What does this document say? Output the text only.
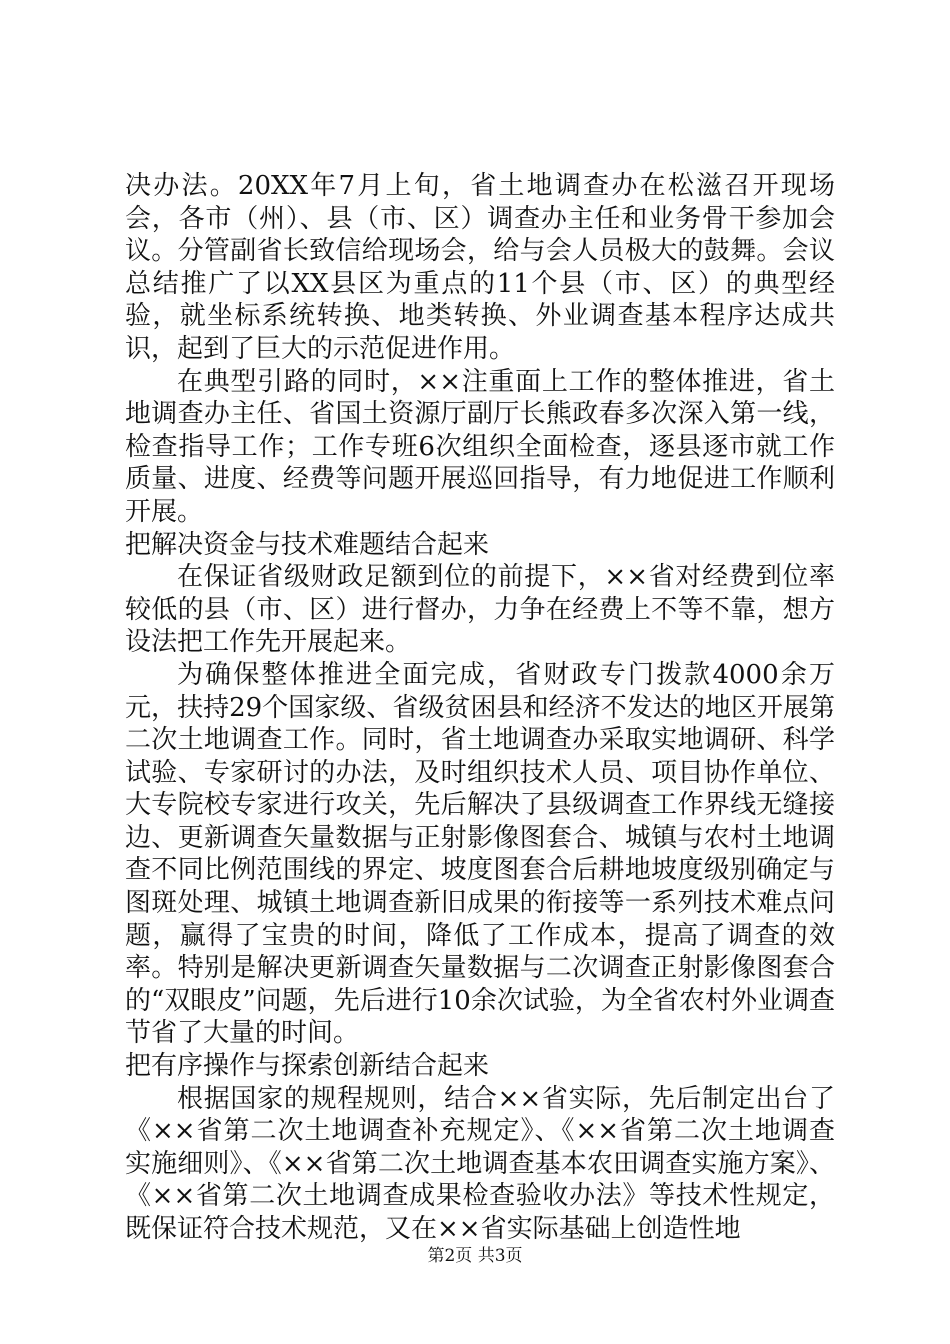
决办法。20XX年7月上旬，省土地调查办在松滋召开现场会，各市（州）、县（市、区）调查办主任和业务骨干参加会议。分管副省长致信给现场会，给与会人员极大的鼓舞。会议总结推广了以XX县区为重点的11个县（市、区）的典型经验，就坐标系统转换、地类转换、外业调查基本程序达成共识，起到了巨大的示范促进作用。

在典型引路的同时，××注重面上工作的整体推进，省土地调查办主任、省国土资源厅副厅长熊政春多次深入第一线，检查指导工作；工作专班6次组织全面检查，逐县逐市就工作质量、进度、经费等问题开展巡回指导，有力地促进工作顺利开展。

把解决资金与技术难题结合起来

在保证省级财政足额到位的前提下，××省对经费到位率较低的县（市、区）进行督办，力争在经费上不等不靠，想方设法把工作先开展起来。

为确保整体推进全面完成，省财政专门拨款4000余万元，扶持29个国家级、省级贫困县和经济不发达的地区开展第二次土地调查工作。同时，省土地调查办采取实地调研、科学试验、专家研讨的办法，及时组织技术人员、项目协作单位、大专院校专家进行攻关，先后解决了县级调查工作界线无缝接边、更新调查矢量数据与正射影像图套合、城镇与农村土地调查不同比例范围线的界定、坡度图套合后耕地坡度级别确定与图斑处理、城镇土地调查新旧成果的衔接等一系列技术难点问题，赢得了宝贵的时间，降低了工作成本，提高了调查的效率。特别是解决更新调查矢量数据与二次调查正射影像图套合的“双眼皮”问题，先后进行10余次试验，为全省农村外业调查节省了大量的时间。

把有序操作与探索创新结合起来

根据国家的规程规则，结合××省实际，先后制定出台了《××省第二次土地调查补充规定》、《××省第二次土地调查实施细则》、《××省第二次土地调查基本农田调查实施方案》、《××省第二次土地调查成果检查验收办法》等技术性规定，既保证符合技术规范，又在××省实际基础上创造性地

第2页 共3页
